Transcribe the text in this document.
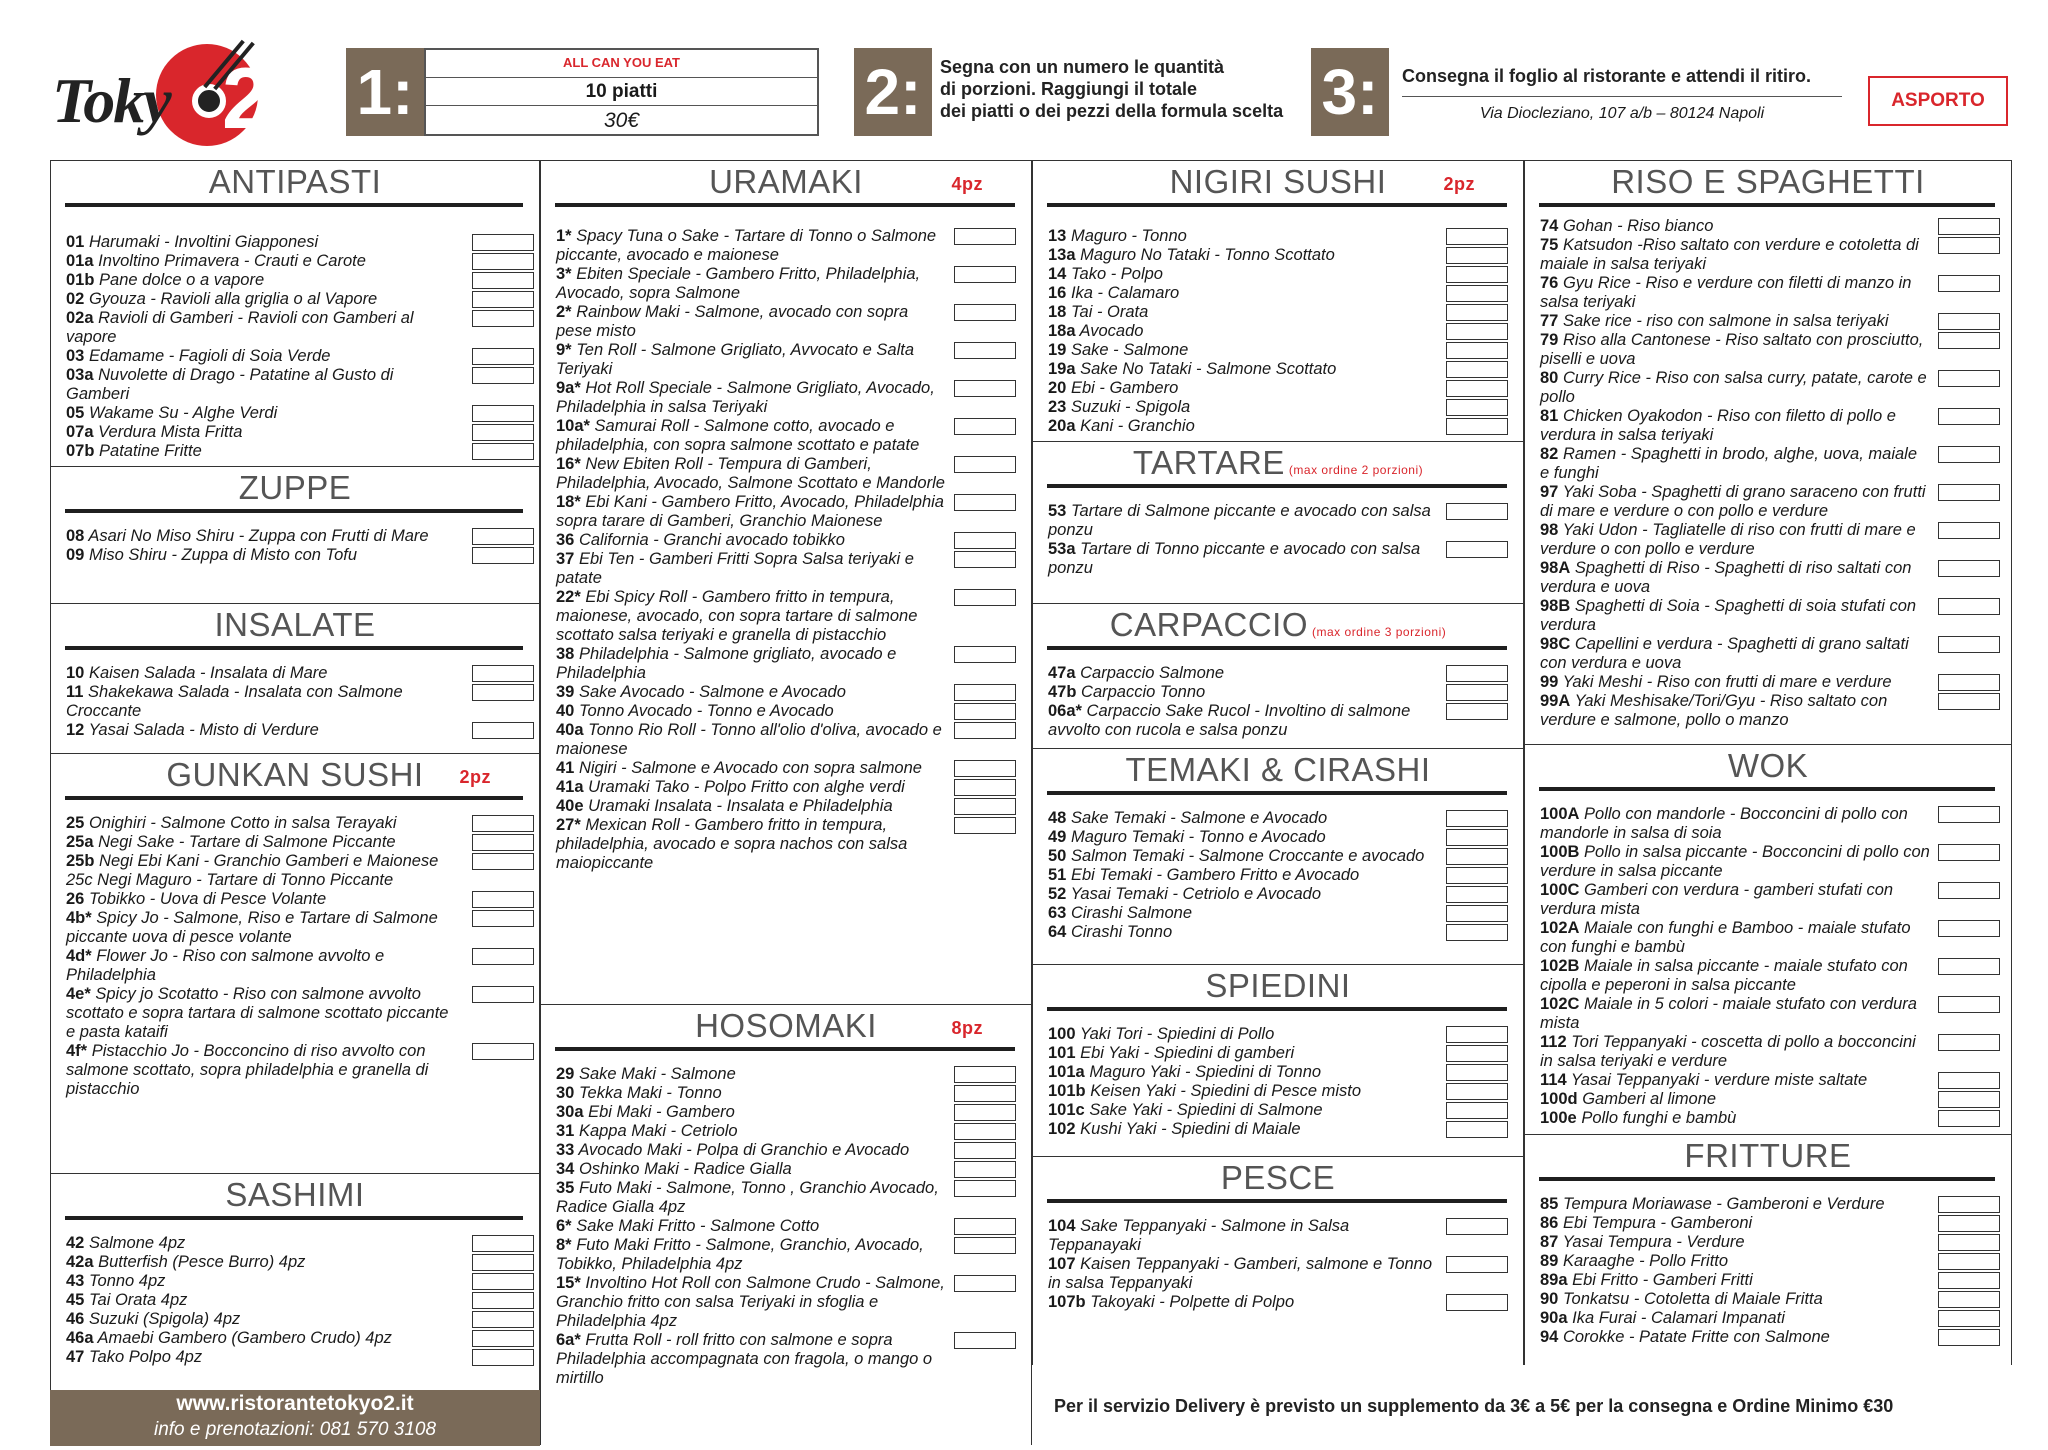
Toky 2 1:	ALL CAN YOU EAT
10 piatti
30€	2:	Segna con un numero le quantità
di porzioni. Raggiungi il totale
dei piatti o dei pezzi della formula scelta 3:	Consegna il foglio al ristorante e attendi il ritiro.
Via Diocleziano, 107 a/b – 80124 Napoli
ASPORTO
ANTIPASTI
01 Harumaki - Involtini Giapponesi
01a Involtino Primavera - Crauti e Carote
01b Pane dolce o a vapore
02 Gyouza - Ravioli alla griglia o al Vapore
02a Ravioli di Gamberi - Ravioli con Gamberi al vapore
03 Edamame - Fagioli di Soia Verde
03a Nuvolette di Drago - Patatine al Gusto di Gamberi
05 Wakame Su - Alghe Verdi
07a Verdura Mista Fritta
07b Patatine Fritte
ZUPPE
08 Asari No Miso Shiru - Zuppa con Frutti di Mare
09 Miso Shiru - Zuppa di Misto con Tofu
INSALATE
10 Kaisen Salada - Insalata di Mare
11 Shakekawa Salada - Insalata con Salmone Croccante
12 Yasai Salada - Misto di Verdure
GUNKAN SUSHI 2pz
25 Onighiri - Salmone Cotto in salsa Terayaki
25a Negi Sake - Tartare di Salmone Piccante
25b Negi Ebi Kani - Granchio Gamberi e Maionese 25c Negi Maguro - Tartare di Tonno Piccante
26 Tobikko - Uova di Pesce Volante
4b* Spicy Jo - Salmone, Riso e Tartare di Salmone piccante uova di pesce volante
4d* Flower Jo - Riso con salmone avvolto e Philadelphia
4e* Spicy jo Scotatto - Riso con salmone avvolto scottato e sopra tartara di salmone scottato piccante e pasta kataifi
4f* Pistacchio Jo - Bocconcino di riso avvolto con salmone scottato, sopra philadelphia e granella di pistacchio
SASHIMI
42 Salmone 4pz
42a Butterfish (Pesce Burro) 4pz
43 Tonno 4pz
45 Tai Orata 4pz
46 Suzuki (Spigola) 4pz
46a Amaebi Gambero (Gambero Crudo) 4pz
47 Tako Polpo 4pz
www.ristorantetokyo2.it
info e prenotazioni: 081 570 3108
URAMAKI	4pz
1* Spacy Tuna o Sake - Tartare di Tonno o Salmone piccante, avocado e maionese
3* Ebiten Speciale - Gambero Fritto, Philadelphia, Avocado, sopra Salmone
2* Rainbow Maki - Salmone, avocado con sopra pese misto
9* Ten Roll - Salmone Grigliato, Avvocato e Salta Teriyaki
9a* Hot Roll Speciale - Salmone Grigliato, Avocado, Philadelphia in salsa Teriyaki
10a* Samurai Roll - Salmone cotto, avocado e philadelphia, con sopra salmone scottato e patate
16* New Ebiten Roll - Tempura di Gamberi, Philadelphia, Avocado, Salmone Scottato e Mandorle
18* Ebi Kani - Gambero Fritto, Avocado, Philadelphia sopra tarare di Gamberi, Granchio Maionese
36 California - Granchi avocado tobikko
37 Ebi Ten - Gamberi Fritti Sopra Salsa teriyaki e patate
22* Ebi Spicy Roll - Gambero fritto in tempura, maionese, avocado, con sopra tartare di salmone scottato salsa teriyaki e granella di pistacchio
38 Philadelphia - Salmone grigliato, avocado e Philadelphia
39 Sake Avocado - Salmone e Avocado
40 Tonno Avocado - Tonno e Avocado
40a Tonno Rio Roll - Tonno all'olio d'oliva, avocado e maionese
41 Nigiri - Salmone e Avocado con sopra salmone
41a Uramaki Tako - Polpo Fritto con alghe verdi
40e Uramaki Insalata - Insalata e Philadelphia
27* Mexican Roll - Gambero fritto in tempura, philadelphia, avocado e sopra nachos con salsa maiopiccante
HOSOMAKI	8pz
29 Sake Maki - Salmone
30 Tekka Maki - Tonno
30a Ebi Maki - Gambero
31 Kappa Maki - Cetriolo
33 Avocado Maki - Polpa di Granchio e Avocado
34 Oshinko Maki - Radice Gialla
35 Futo Maki - Salmone, Tonno , Granchio Avocado, Radice Gialla 4pz
6* Sake Maki Fritto - Salmone Cotto
8* Futo Maki Fritto - Salmone, Granchio, Avocado, Tobikko, Philadelphia 4pz
15* Involtino Hot Roll con Salmone Crudo - Salmone, Granchio fritto con salsa Teriyaki in sfoglia e Philadelphia 4pz
6a* Frutta Roll - roll fritto con salmone e sopra Philadelphia accompagnata con fragola, o mango o mirtillo
NIGIRI SUSHI	2pz
13 Maguro - Tonno
13a Maguro No Tataki - Tonno Scottato
14 Tako - Polpo
16 Ika - Calamaro
18 Tai - Orata
18a Avocado
19 Sake - Salmone
19a Sake No Tataki - Salmone Scottato
20 Ebi - Gambero
23 Suzuki - Spigola
20a Kani - Granchio
TARTARE (max ordine 2 porzioni)
53 Tartare di Salmone piccante e avocado con salsa ponzu
53a Tartare di Tonno piccante e avocado con salsa ponzu
CARPACCIO (max ordine 3 porzioni)
47a Carpaccio Salmone
47b Carpaccio Tonno
06a* Carpaccio Sake Rucol - Involtino di salmone avvolto con rucola e salsa ponzu
TEMAKI & CIRASHI
48 Sake Temaki - Salmone e Avocado
49 Maguro Temaki - Tonno e Avocado
50 Salmon Temaki - Salmone Croccante e avocado
51 Ebi Temaki - Gambero Fritto e Avocado
52 Yasai Temaki - Cetriolo e Avocado
63 Cirashi Salmone
64 Cirashi Tonno
SPIEDINI
100 Yaki Tori - Spiedini di Pollo
101 Ebi Yaki - Spiedini di gamberi
101a Maguro Yaki - Spiedini di Tonno
101b Keisen Yaki - Spiedini di Pesce misto
101c Sake Yaki - Spiedini di Salmone
102 Kushi Yaki - Spiedini di Maiale
PESCE
104 Sake Teppanyaki - Salmone in Salsa Teppanayaki
107 Kaisen Teppanyaki - Gamberi, salmone e Tonno in salsa Teppanyaki
107b Takoyaki - Polpette di Polpo
RISO E SPAGHETTI
74 Gohan - Riso bianco
75 Katsudon -Riso saltato con verdure e cotoletta di maiale in salsa teriyaki
76 Gyu Rice - Riso e verdure con filetti di manzo in salsa teriyaki
77 Sake rice - riso con salmone in salsa teriyaki
79 Riso alla Cantonese - Riso saltato con prosciutto, piselli e uova
80 Curry Rice - Riso con salsa curry, patate, carote e pollo
81 Chicken Oyakodon - Riso con filetto di pollo e verdura in salsa teriyaki
82 Ramen - Spaghetti in brodo, alghe, uova, maiale e funghi
97 Yaki Soba - Spaghetti di grano saraceno con frutti di mare e verdure o con pollo e verdure
98 Yaki Udon - Tagliatelle di riso con frutti di mare e verdure o con pollo e verdure
98A Spaghetti di Riso - Spaghetti di riso saltati con verdura e uova
98B Spaghetti di Soia - Spaghetti di soia stufati con verdura
98C Capellini e verdura - Spaghetti di grano saltati con verdura e uova
99 Yaki Meshi - Riso con frutti di mare e verdure
99A Yaki Meshisake/Tori/Gyu - Riso saltato con verdure e salmone, pollo o manzo
WOK
100A Pollo con mandorle - Bocconcini di pollo con mandorle in salsa di soia
100B Pollo in salsa piccante - Bocconcini di pollo con verdure in salsa piccante
100C Gamberi con verdura - gamberi stufati con verdura mista
102A Maiale con funghi e Bamboo - maiale stufato con funghi e bambù
102B Maiale in salsa piccante - maiale stufato con cipolla e peperoni in salsa piccante
102C Maiale in 5 colori - maiale stufato con verdura mista
112 Tori Teppanyaki - coscetta di pollo a bocconcini in salsa teriyaki e verdure
114 Yasai Teppanyaki - verdure miste saltate
100d Gamberi al limone
100e Pollo funghi e bambù
FRITTURE
85 Tempura Moriawase - Gamberoni e Verdure
86 Ebi Tempura - Gamberoni
87 Yasai Tempura - Verdure
89 Karaaghe - Pollo Fritto
89a Ebi Fritto - Gamberi Fritti
90 Tonkatsu - Cotoletta di Maiale Fritta
90a Ika Furai - Calamari Impanati
94 Corokke - Patate Fritte con Salmone
Per il servizio Delivery è previsto un supplemento da 3€ a 5€ per la consegna e Ordine Minimo €30
